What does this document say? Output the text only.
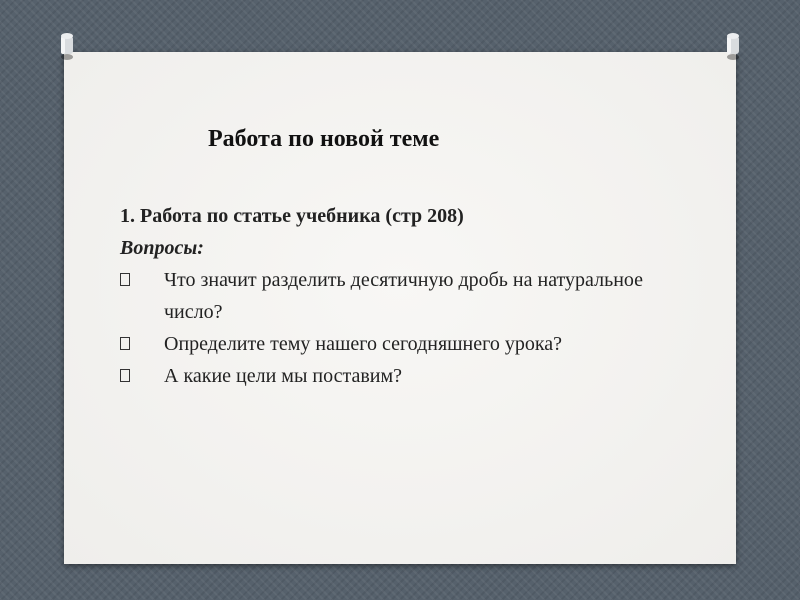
Работа по новой теме
1. Работа по статье учебника (стр 208)
Вопросы:
Что значит разделить десятичную дробь на натуральное число?
Определите тему нашего сегодняшнего урока?
А какие цели мы поставим?
